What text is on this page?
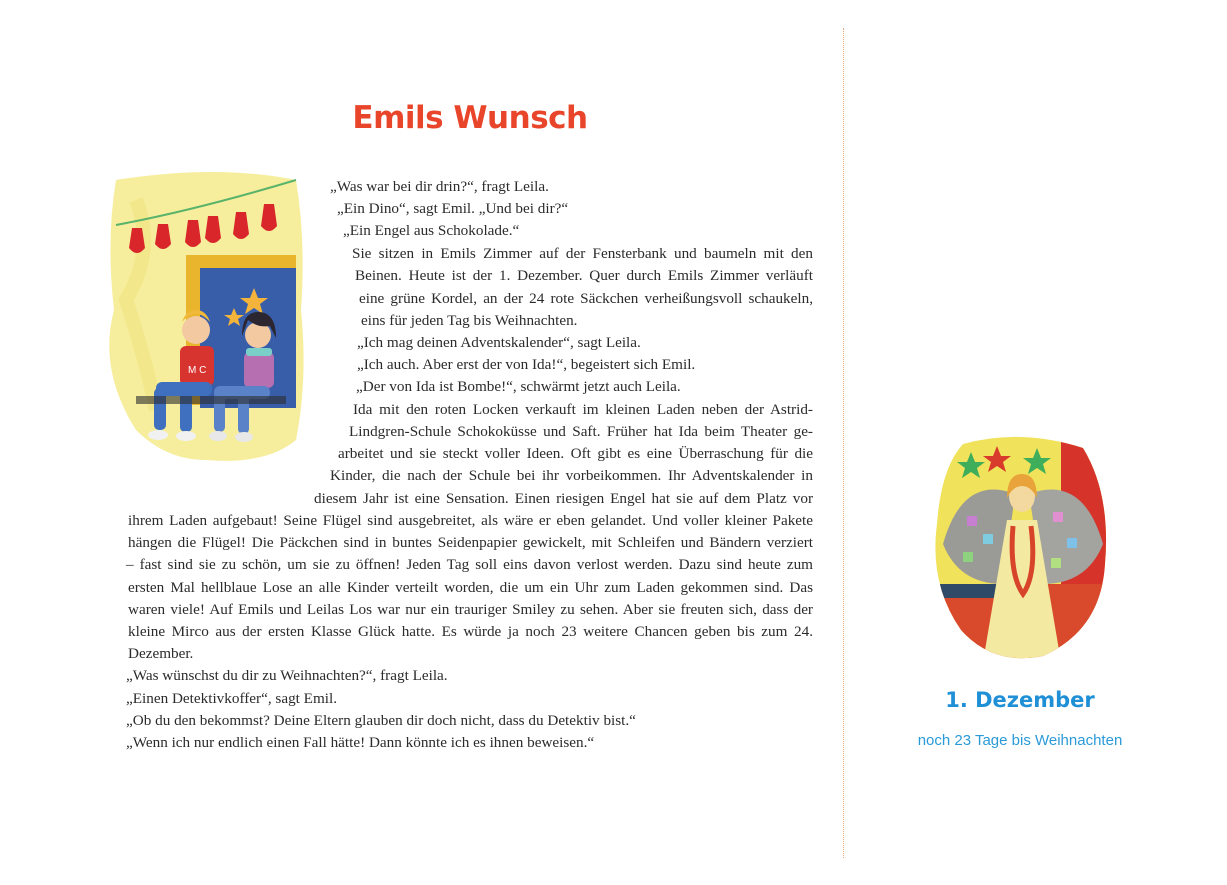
Emils Wunsch
M C

„Was war bei dir drin?“, fragt Leila.

„Ein Dino“, sagt Emil. „Und bei dir?“

„Ein Engel aus Schokolade.“

Sie sitzen in Emils Zimmer auf der Fensterbank und baumeln mit den

Beinen. Heute ist der 1. Dezember. Quer durch Emils Zimmer verläuft

eine grüne Kordel, an der 24 rote Säckchen verheißungsvoll schaukeln,

eins für jeden Tag bis Weihnachten.

„Ich mag deinen Adventskalender“, sagt Leila.

„Ich auch. Aber erst der von Ida!“, begeistert sich Emil.

„Der von Ida ist Bombe!“, schwärmt jetzt auch Leila.

Ida mit den roten Locken verkauft im kleinen Laden neben der Astrid-

Lindgren-Schule Schokoküsse und Saft. Früher hat Ida beim Theater ge-

arbeitet und sie steckt voller Ideen. Oft gibt es eine Überraschung für die

Kinder, die nach der Schule bei ihr vorbeikommen. Ihr Adventskalender in

diesem Jahr ist eine Sensation. Einen riesigen Engel hat sie auf dem Platz vor

ihrem Laden aufgebaut! Seine Flügel sind ausgebreitet, als wäre er eben gelandet. Und voller kleiner Pakete

hängen die Flügel! Die Päckchen sind in buntes Seidenpapier gewickelt, mit Schleifen und Bändern verziert

– fast sind sie zu schön, um sie zu öffnen! Jeden Tag soll eins davon verlost werden. Dazu sind heute zum

ersten Mal hellblaue Lose an alle Kinder verteilt worden, die um ein Uhr zum Laden gekommen sind. Das

waren viele! Auf Emils und Leilas Los war nur ein trauriger Smiley zu sehen. Aber sie freuten sich, dass der

kleine Mirco aus der ersten Klasse Glück hatte. Es würde ja noch 23 weitere Chancen geben bis zum 24.

Dezember.

„Was wünschst du dir zu Weihnachten?“, fragt Leila.

„Einen Detektivkoffer“, sagt Emil.

„Ob du den bekommst? Deine Eltern glauben dir doch nicht, dass du Detektiv bist.“

„Wenn ich nur endlich einen Fall hätte! Dann könnte ich es ihnen beweisen.“

1. Dezember
noch 23 Tage bis Weihnachten
